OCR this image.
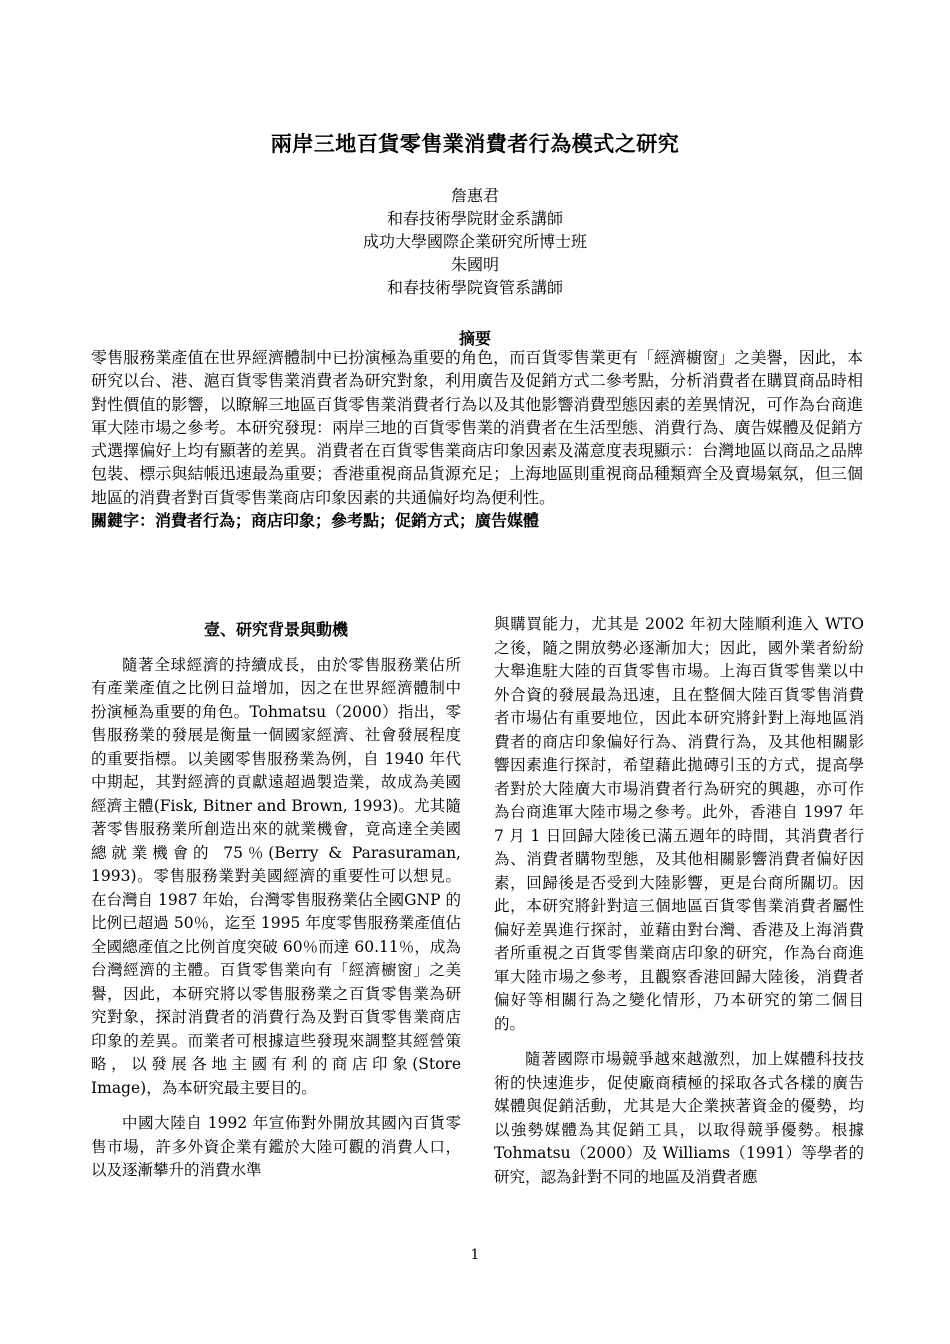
兩岸三地百貨零售業消費者行為模式之研究
詹惠君
和春技術學院財金系講師
成功大學國際企業研究所博士班
朱國明
和春技術學院資管系講師
摘要

零售服務業產值在世界經濟體制中已扮演極為重要的角色，而百貨零售業更有「經濟櫥窗」之美譽，因此，本研究以台、港、滬百貨零售業消費者為研究對象，利用廣告及促銷方式二參考點，分析消費者在購買商品時相對性價值的影響，以瞭解三地區百貨零售業消費者行為以及其他影響消費型態因素的差異情況，可作為台商進軍大陸市場之參考。本研究發現：兩岸三地的百貨零售業的消費者在生活型態、消費行為、廣告媒體及促銷方式選擇偏好上均有顯著的差異。消費者在百貨零售業商店印象因素及滿意度表現顯示：台灣地區以商品之品牌包裝、標示與結帳迅速最為重要；香港重視商品貨源充足；上海地區則重視商品種類齊全及賣場氣氛，但三個地區的消費者對百貨零售業商店印象因素的共通偏好均為便利性。

關鍵字：消費者行為；商店印象；參考點；促銷方式；廣告媒體

壹、研究背景與動機

隨著全球經濟的持續成長，由於零售服務業佔所有產業產值之比例日益增加，因之在世界經濟體制中扮演極為重要的角色。Tohmatsu（2000）指出，零售服務業的發展是衡量一個國家經濟、社會發展程度的重要指標。以美國零售服務業為例，自 1940 年代中期起，其對經濟的貢獻遠超過製造業，故成為美國經濟主體(Fisk, Bitner and Brown, 1993)。尤其隨著零售服務業所創造出來的就業機會，竟高達全美國總就業機會的 75％(Berry & Parasuraman, 1993)。零售服務業對美國經濟的重要性可以想見。在台灣自 1987 年始，台灣零售服務業佔全國GNP 的比例已超過 50％，迄至 1995 年度零售服務業產值佔全國總產值之比例首度突破 60％而達 60.11％，成為台灣經濟的主體。百貨零售業向有「經濟櫥窗」之美譽，因此，本研究將以零售服務業之百貨零售業為研究對象，探討消費者的消費行為及對百貨零售業商店印象的差異。而業者可根據這些發現來調整其經營策略，以發展各地主國有利的商店印象(Store Image)，為本研究最主要目的。

中國大陸自 1992 年宣佈對外開放其國內百貨零售市場，許多外資企業有鑑於大陸可觀的消費人口，以及逐漸攀升的消費水準

與購買能力，尤其是 2002 年初大陸順利進入 WTO 之後，隨之開放勢必逐漸加大；因此，國外業者紛紛大舉進駐大陸的百貨零售市場。上海百貨零售業以中外合資的發展最為迅速，且在整個大陸百貨零售消費者市場佔有重要地位，因此本研究將針對上海地區消費者的商店印象偏好行為、消費行為，及其他相關影響因素進行探討，希望藉此拋磚引玉的方式，提高學者對於大陸廣大市場消費者行為研究的興趣，亦可作為台商進軍大陸市場之參考。此外，香港自 1997 年 7 月 1 日回歸大陸後已滿五週年的時間，其消費者行為、消費者購物型態，及其他相關影響消費者偏好因素，回歸後是否受到大陸影響，更是台商所關切。因此，本研究將針對這三個地區百貨零售業消費者屬性偏好差異進行探討，並藉由對台灣、香港及上海消費者所重視之百貨零售業商店印象的研究，作為台商進軍大陸市場之參考，且觀察香港回歸大陸後，消費者偏好等相關行為之變化情形，乃本研究的第二個目的。

隨著國際市場競爭越來越激烈，加上媒體科技技術的快速進步，促使廠商積極的採取各式各樣的廣告媒體與促銷活動，尤其是大企業挾著資金的優勢，均以強勢媒體為其促銷工具，以取得競爭優勢。根據Tohmatsu（2000）及 Williams（1991）等學者的研究，認為針對不同的地區及消費者應

1
